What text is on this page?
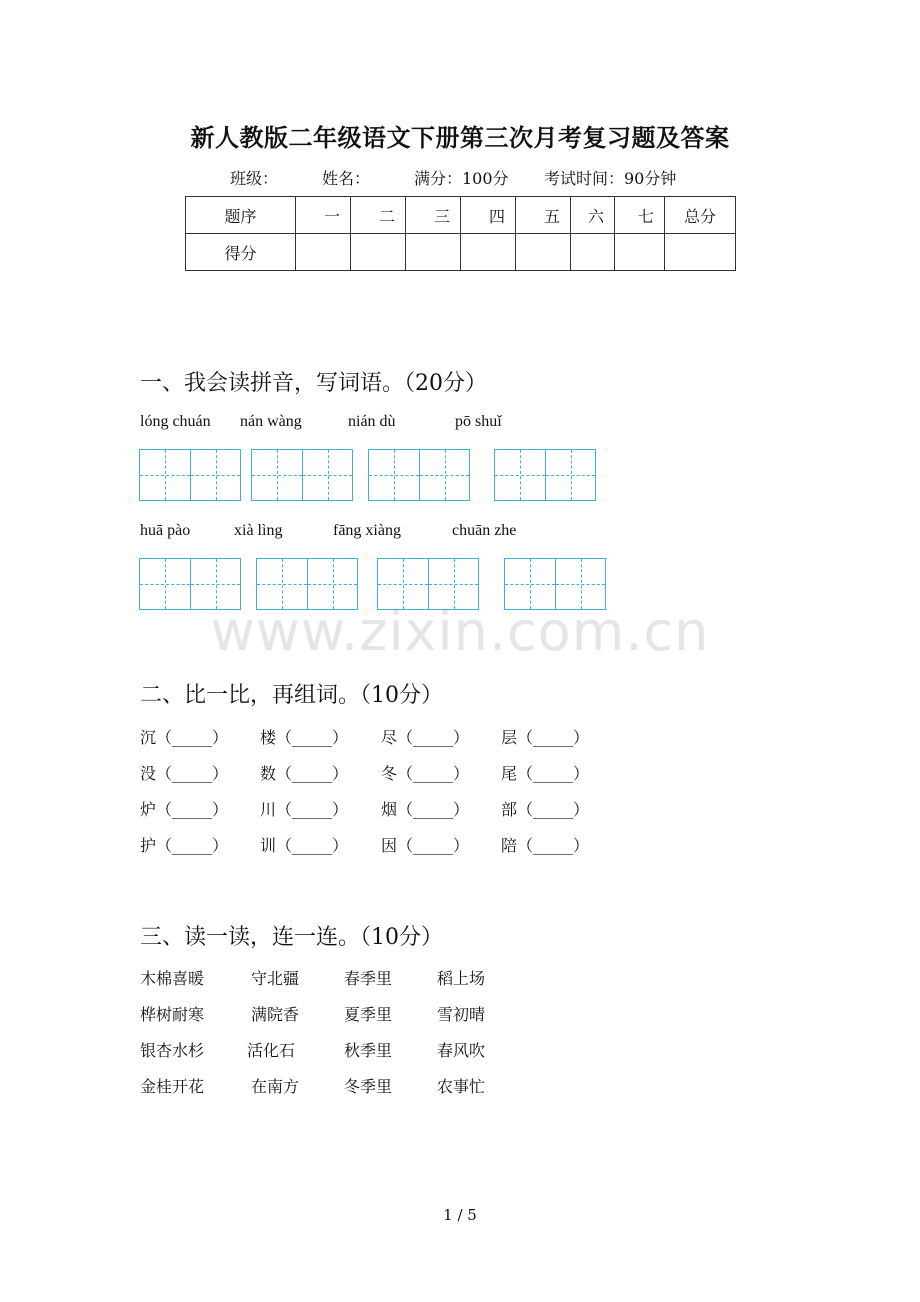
新人教版二年级语文下册第三次月考复习题及答案
班级：	姓名：	满分：100分 考试时间：90分钟
题序	一	二	三	四	五	六	七	总分
得分								
一、我会读拼音，写词语。（20分）
lóng chuán nán wàng	nián dù	pō shuǐ
huā pào	xià lìng	fāng xiàng	chuān zhe
www.zixin.com.cn
二、比一比，再组词。（10分）
沉（_____） 楼（_____） 尽（_____） 层（_____）
没（_____） 数（_____） 冬（_____） 尾（_____）
炉（_____） 川（_____） 烟（_____） 部（_____）
护（_____） 训（_____） 因（_____） 陪（_____）
三、读一读，连一连。（10分）
木棉喜暖	守北疆	春季里	稻上场
桦树耐寒	满院香	夏季里	雪初晴
银杏水杉	活化石	秋季里	春风吹
金桂开花	在南方	冬季里	农事忙
1 / 5
